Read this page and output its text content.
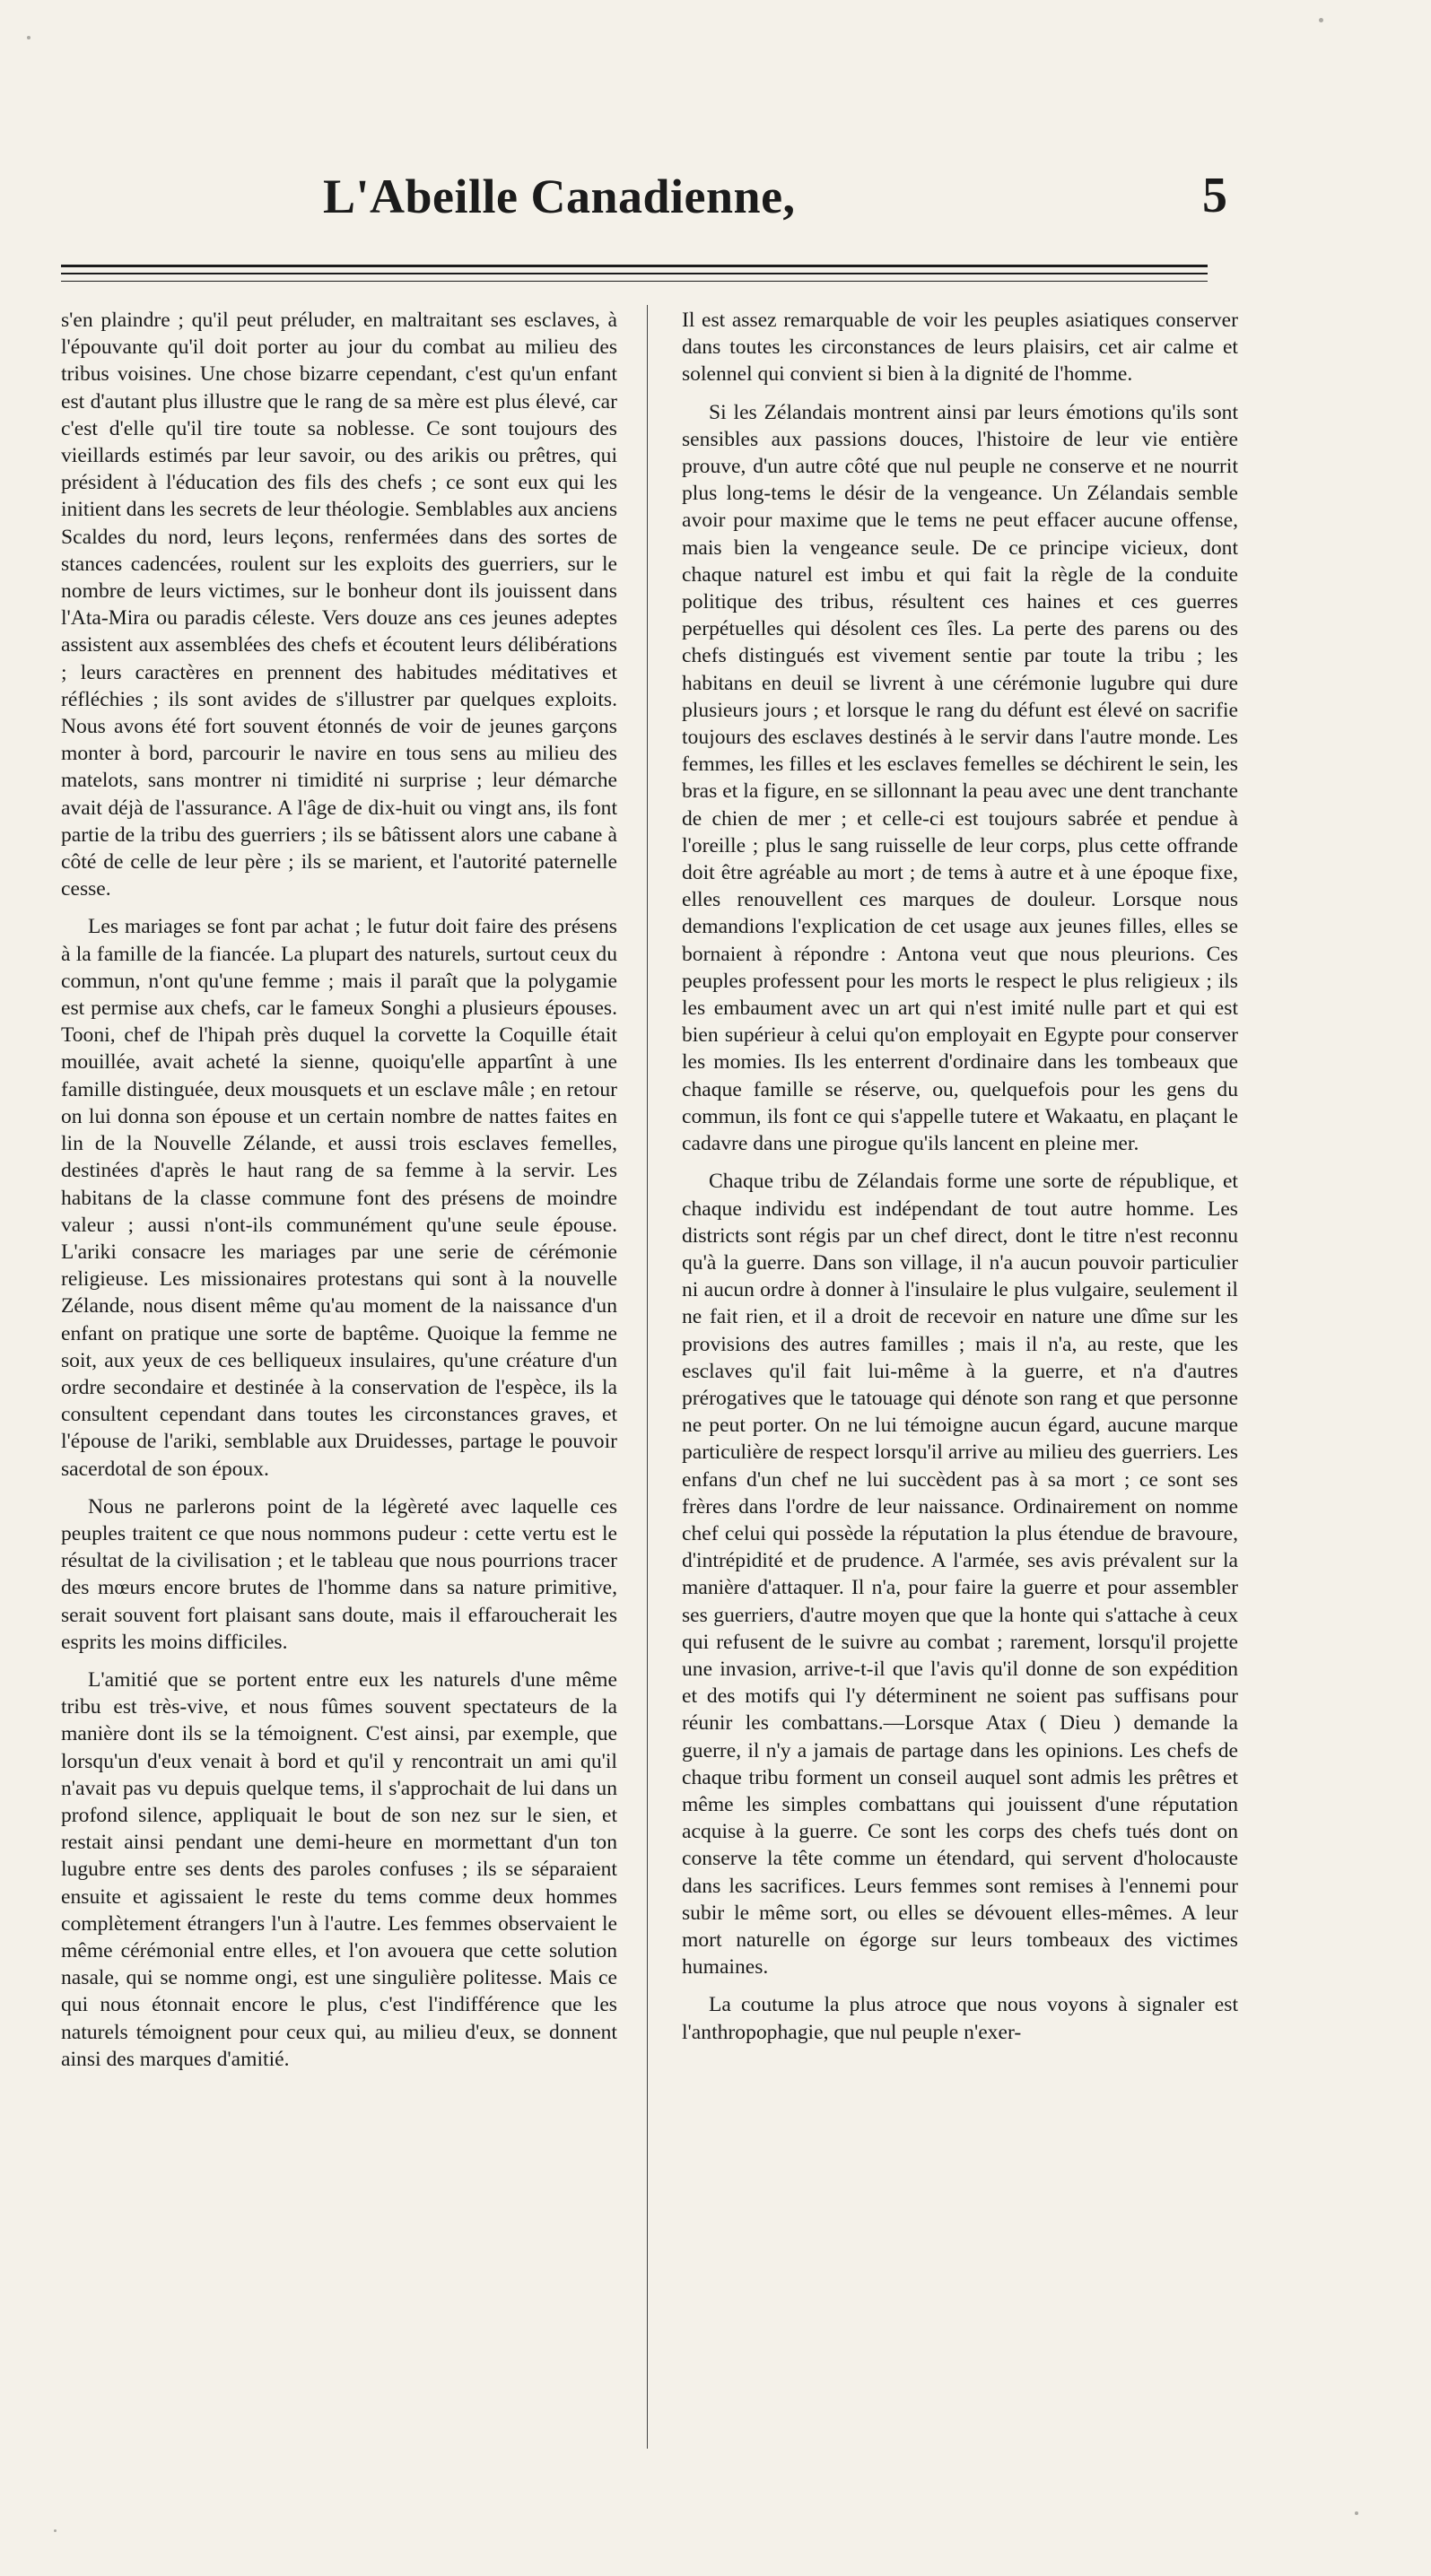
L'Abeille Canadienne,	5

s'en plaindre ; qu'il peut préluder, en maltraitant ses esclaves, à l'épouvante qu'il doit porter au jour du combat au milieu des tribus voisines. Une chose bizarre cependant, c'est qu'un enfant est d'autant plus illustre que le rang de sa mère est plus élevé, car c'est d'elle qu'il tire toute sa noblesse. Ce sont toujours des vieillards estimés par leur savoir, ou des arikis ou prêtres, qui président à l'éducation des fils des chefs ; ce sont eux qui les initient dans les secrets de leur théologie. Semblables aux anciens Scaldes du nord, leurs leçons, renfermées dans des sortes de stances cadencées, roulent sur les exploits des guerriers, sur le nombre de leurs victimes, sur le bonheur dont ils jouissent dans l'Ata-Mira ou paradis céleste. Vers douze ans ces jeunes adeptes assistent aux assemblées des chefs et écoutent leurs délibérations ; leurs caractères en prennent des habitudes méditatives et réfléchies ; ils sont avides de s'illustrer par quelques exploits. Nous avons été fort souvent étonnés de voir de jeunes garçons monter à bord, parcourir le navire en tous sens au milieu des matelots, sans montrer ni timidité ni surprise ; leur démarche avait déjà de l'assurance. A l'âge de dix-huit ou vingt ans, ils font partie de la tribu des guerriers ; ils se bâtissent alors une cabane à côté de celle de leur père ; ils se marient, et l'autorité paternelle cesse.

Les mariages se font par achat ; le futur doit faire des présens à la famille de la fiancée. La plupart des naturels, surtout ceux du commun, n'ont qu'une femme ; mais il paraît que la polygamie est permise aux chefs, car le fameux Songhi a plusieurs épouses. Tooni, chef de l'hipah près duquel la corvette la Coquille était mouillée, avait acheté la sienne, quoiqu'elle appartînt à une famille distinguée, deux mousquets et un esclave mâle ; en retour on lui donna son épouse et un certain nombre de nattes faites en lin de la Nouvelle Zélande, et aussi trois esclaves femelles, destinées d'après le haut rang de sa femme à la servir. Les habitans de la classe commune font des présens de moindre valeur ; aussi n'ont-ils communément qu'une seule épouse. L'ariki consacre les mariages par une serie de cérémonie religieuse. Les missionaires protestans qui sont à la nouvelle Zélande, nous disent même qu'au moment de la naissance d'un enfant on pratique une sorte de baptême. Quoique la femme ne soit, aux yeux de ces belliqueux insulaires, qu'une créature d'un ordre secondaire et destinée à la conservation de l'espèce, ils la consultent cependant dans toutes les circonstances graves, et l'épouse de l'ariki, semblable aux Druidesses, partage le pouvoir sacerdotal de son époux.

Nous ne parlerons point de la légèreté avec laquelle ces peuples traitent ce que nous nommons pudeur : cette vertu est le résultat de la civilisation ; et le tableau que nous pourrions tracer des mœurs encore brutes de l'homme dans sa nature primitive, serait souvent fort plaisant sans doute, mais il effaroucherait les esprits les moins difficiles.

L'amitié que se portent entre eux les naturels d'une même tribu est très-vive, et nous fûmes souvent spectateurs de la manière dont ils se la témoignent. C'est ainsi, par exemple, que lorsqu'un d'eux venait à bord et qu'il y rencontrait un ami qu'il n'avait pas vu depuis quelque tems, il s'approchait de lui dans un profond silence, appliquait le bout de son nez sur le sien, et restait ainsi pendant une demi-heure en mormettant d'un ton lugubre entre ses dents des paroles confuses ; ils se séparaient ensuite et agissaient le reste du tems comme deux hommes complètement étrangers l'un à l'autre. Les femmes observaient le même cérémonial entre elles, et l'on avouera que cette solution nasale, qui se nomme ongi, est une singulière politesse. Mais ce qui nous étonnait encore le plus, c'est l'indifférence que les naturels témoignent pour ceux qui, au milieu d'eux, se donnent ainsi des marques d'amitié.

Il est assez remarquable de voir les peuples asiatiques conserver dans toutes les circonstances de leurs plaisirs, cet air calme et solennel qui convient si bien à la dignité de l'homme.

Si les Zélandais montrent ainsi par leurs émotions qu'ils sont sensibles aux passions douces, l'histoire de leur vie entière prouve, d'un autre côté que nul peuple ne conserve et ne nourrit plus long-tems le désir de la vengeance. Un Zélandais semble avoir pour maxime que le tems ne peut effacer aucune offense, mais bien la vengeance seule. De ce principe vicieux, dont chaque naturel est imbu et qui fait la règle de la conduite politique des tribus, résultent ces haines et ces guerres perpétuelles qui désolent ces îles. La perte des parens ou des chefs distingués est vivement sentie par toute la tribu ; les habitans en deuil se livrent à une cérémonie lugubre qui dure plusieurs jours ; et lorsque le rang du défunt est élevé on sacrifie toujours des esclaves destinés à le servir dans l'autre monde. Les femmes, les filles et les esclaves femelles se déchirent le sein, les bras et la figure, en se sillonnant la peau avec une dent tranchante de chien de mer ; et celle-ci est toujours sabrée et pendue à l'oreille ; plus le sang ruisselle de leur corps, plus cette offrande doit être agréable au mort ; de tems à autre et à une époque fixe, elles renouvellent ces marques de douleur. Lorsque nous demandions l'explication de cet usage aux jeunes filles, elles se bornaient à répondre : Antona veut que nous pleurions. Ces peuples professent pour les morts le respect le plus religieux ; ils les embaument avec un art qui n'est imité nulle part et qui est bien supérieur à celui qu'on employait en Egypte pour conserver les momies. Ils les enterrent d'ordinaire dans les tombeaux que chaque famille se réserve, ou, quelquefois pour les gens du commun, ils font ce qui s'appelle tutere et Wakaatu, en plaçant le cadavre dans une pirogue qu'ils lancent en pleine mer.

Chaque tribu de Zélandais forme une sorte de république, et chaque individu est indépendant de tout autre homme. Les districts sont régis par un chef direct, dont le titre n'est reconnu qu'à la guerre. Dans son village, il n'a aucun pouvoir particulier ni aucun ordre à donner à l'insulaire le plus vulgaire, seulement il ne fait rien, et il a droit de recevoir en nature une dîme sur les provisions des autres familles ; mais il n'a, au reste, que les esclaves qu'il fait lui-même à la guerre, et n'a d'autres prérogatives que le tatouage qui dénote son rang et que personne ne peut porter. On ne lui témoigne aucun égard, aucune marque particulière de respect lorsqu'il arrive au milieu des guerriers. Les enfans d'un chef ne lui succèdent pas à sa mort ; ce sont ses frères dans l'ordre de leur naissance. Ordinairement on nomme chef celui qui possède la réputation la plus étendue de bravoure, d'intrépidité et de prudence. A l'armée, ses avis prévalent sur la manière d'attaquer. Il n'a, pour faire la guerre et pour assembler ses guerriers, d'autre moyen que que la honte qui s'attache à ceux qui refusent de le suivre au combat ; rarement, lorsqu'il projette une invasion, arrive-t-il que l'avis qu'il donne de son expédition et des motifs qui l'y déterminent ne soient pas suffisans pour réunir les combattans.—Lorsque Atax ( Dieu ) demande la guerre, il n'y a jamais de partage dans les opinions. Les chefs de chaque tribu forment un conseil auquel sont admis les prêtres et même les simples combattans qui jouissent d'une réputation acquise à la guerre. Ce sont les corps des chefs tués dont on conserve la tête comme un étendard, qui servent d'holocauste dans les sacrifices. Leurs femmes sont remises à l'ennemi pour subir le même sort, ou elles se dévouent elles-mêmes. A leur mort naturelle on égorge sur leurs tombeaux des victimes humaines.

La coutume la plus atroce que nous voyons à signaler est l'anthropophagie, que nul peuple n'exer-
